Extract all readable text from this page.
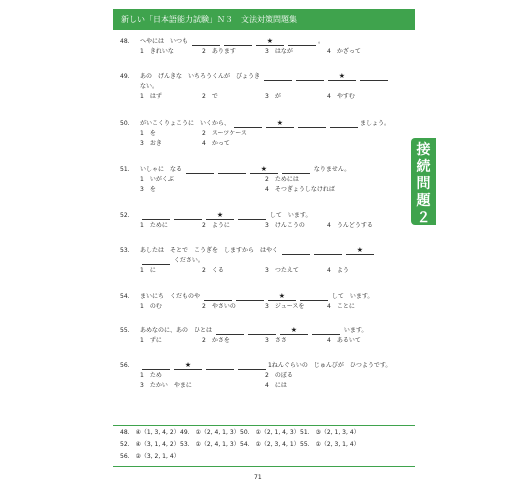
新しい「日本語能力試験」Ｎ３　文法対策問題集
接続問題２
48. へやには　いつも	★	。
1　きれいな	2　あります	3　はなが	4　かざって
49. あの　げんきな　いちろうくんが　びょうき	★
ない。
1　はず	2　で	3　が	4　やすむ
50. がいこくりょこうに　いくから、	★	ましょう。
1　を	2　スーツケース
3　おき	4　かって
51. いしゃに　なる	★	なりません。
1　いがくぶ	2　ためには
3　を	4　そつぎょうしなければ
52.	★	して　います。
1　ために	2　ように	3　けんこうの	4　うんどうする
53. あしたは　そとで　こうぎを　しますから　はやく	★
ください。
1　に	2　くる	3　つたえて	4　よう
54. まいにち　くだものや	★	して　います。
1　のむ	2　やさいの	3　ジュースを	4　ことに
55. あめなのに、あの　ひとは	★	います。
1　ずに	2　かさを	3　ささ	4　あるいて
56.	★	1ねんぐらいの　じゅんびが　ひつようです。
1　ため	2　のぼる
3　たかい　やまに	4　には
48.　④（1, 3, 4, 2）49.　①（2, 4, 1, 3）50.　①（2, 1, 4, 3）51.　③（2, 1, 3, 4）
52.　④（3, 1, 4, 2）53.　①（2, 4, 1, 3）54.　①（2, 3, 4, 1）55.　①（2, 3, 1, 4）
56.　②（3, 2, 1, 4）
71
